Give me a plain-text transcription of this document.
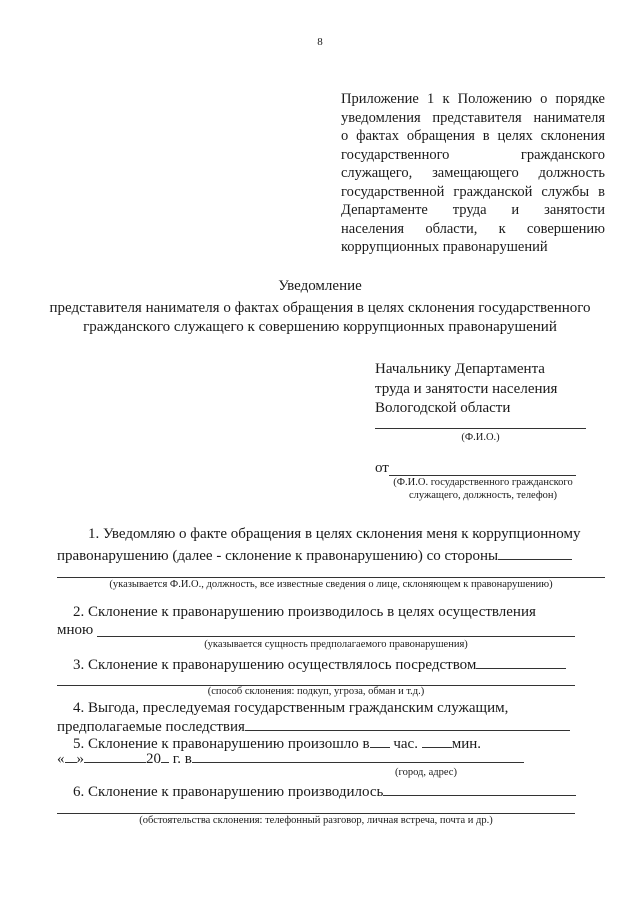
8
Приложение 1 к Положению о порядке
уведомления представителя нанимателя
о фактах обращения в целях склонения
государственного гражданского
служащего, замещающего должность
государственной гражданской службы в
Департаменте труда и занятости
населения области, к совершению
коррупционных правонарушений
Уведомление
представителя нанимателя о фактах обращения в целях склонения государственного
гражданского служащего к совершению коррупционных правонарушений
Начальнику Департамента
труда и занятости населения
Вологодской области
(Ф.И.О.)
от
(Ф.И.О. государственного гражданского служащего, должность, телефон)
1. Уведомляю о факте обращения в целях склонения меня к коррупционному
правонарушению (далее - склонение к правонарушению) со стороны
(указывается Ф.И.О., должность, все известные сведения о лице, склоняющем к правонарушению)
2. Склонение к правонарушению производилось в целях осуществления
мною
(указывается сущность предполагаемого правонарушения)
3. Склонение к правонарушению осуществлялось посредством
(способ склонения: подкуп, угроза, обман и т.д.)
4. Выгода, преследуемая государственным гражданским служащим,
предполагаемые последствия
5. Склонение к правонарушению произошло в час. мин.
« »	20 г. в
(город, адрес)
6. Склонение к правонарушению производилось
(обстоятельства склонения: телефонный разговор, личная встреча, почта и др.)
